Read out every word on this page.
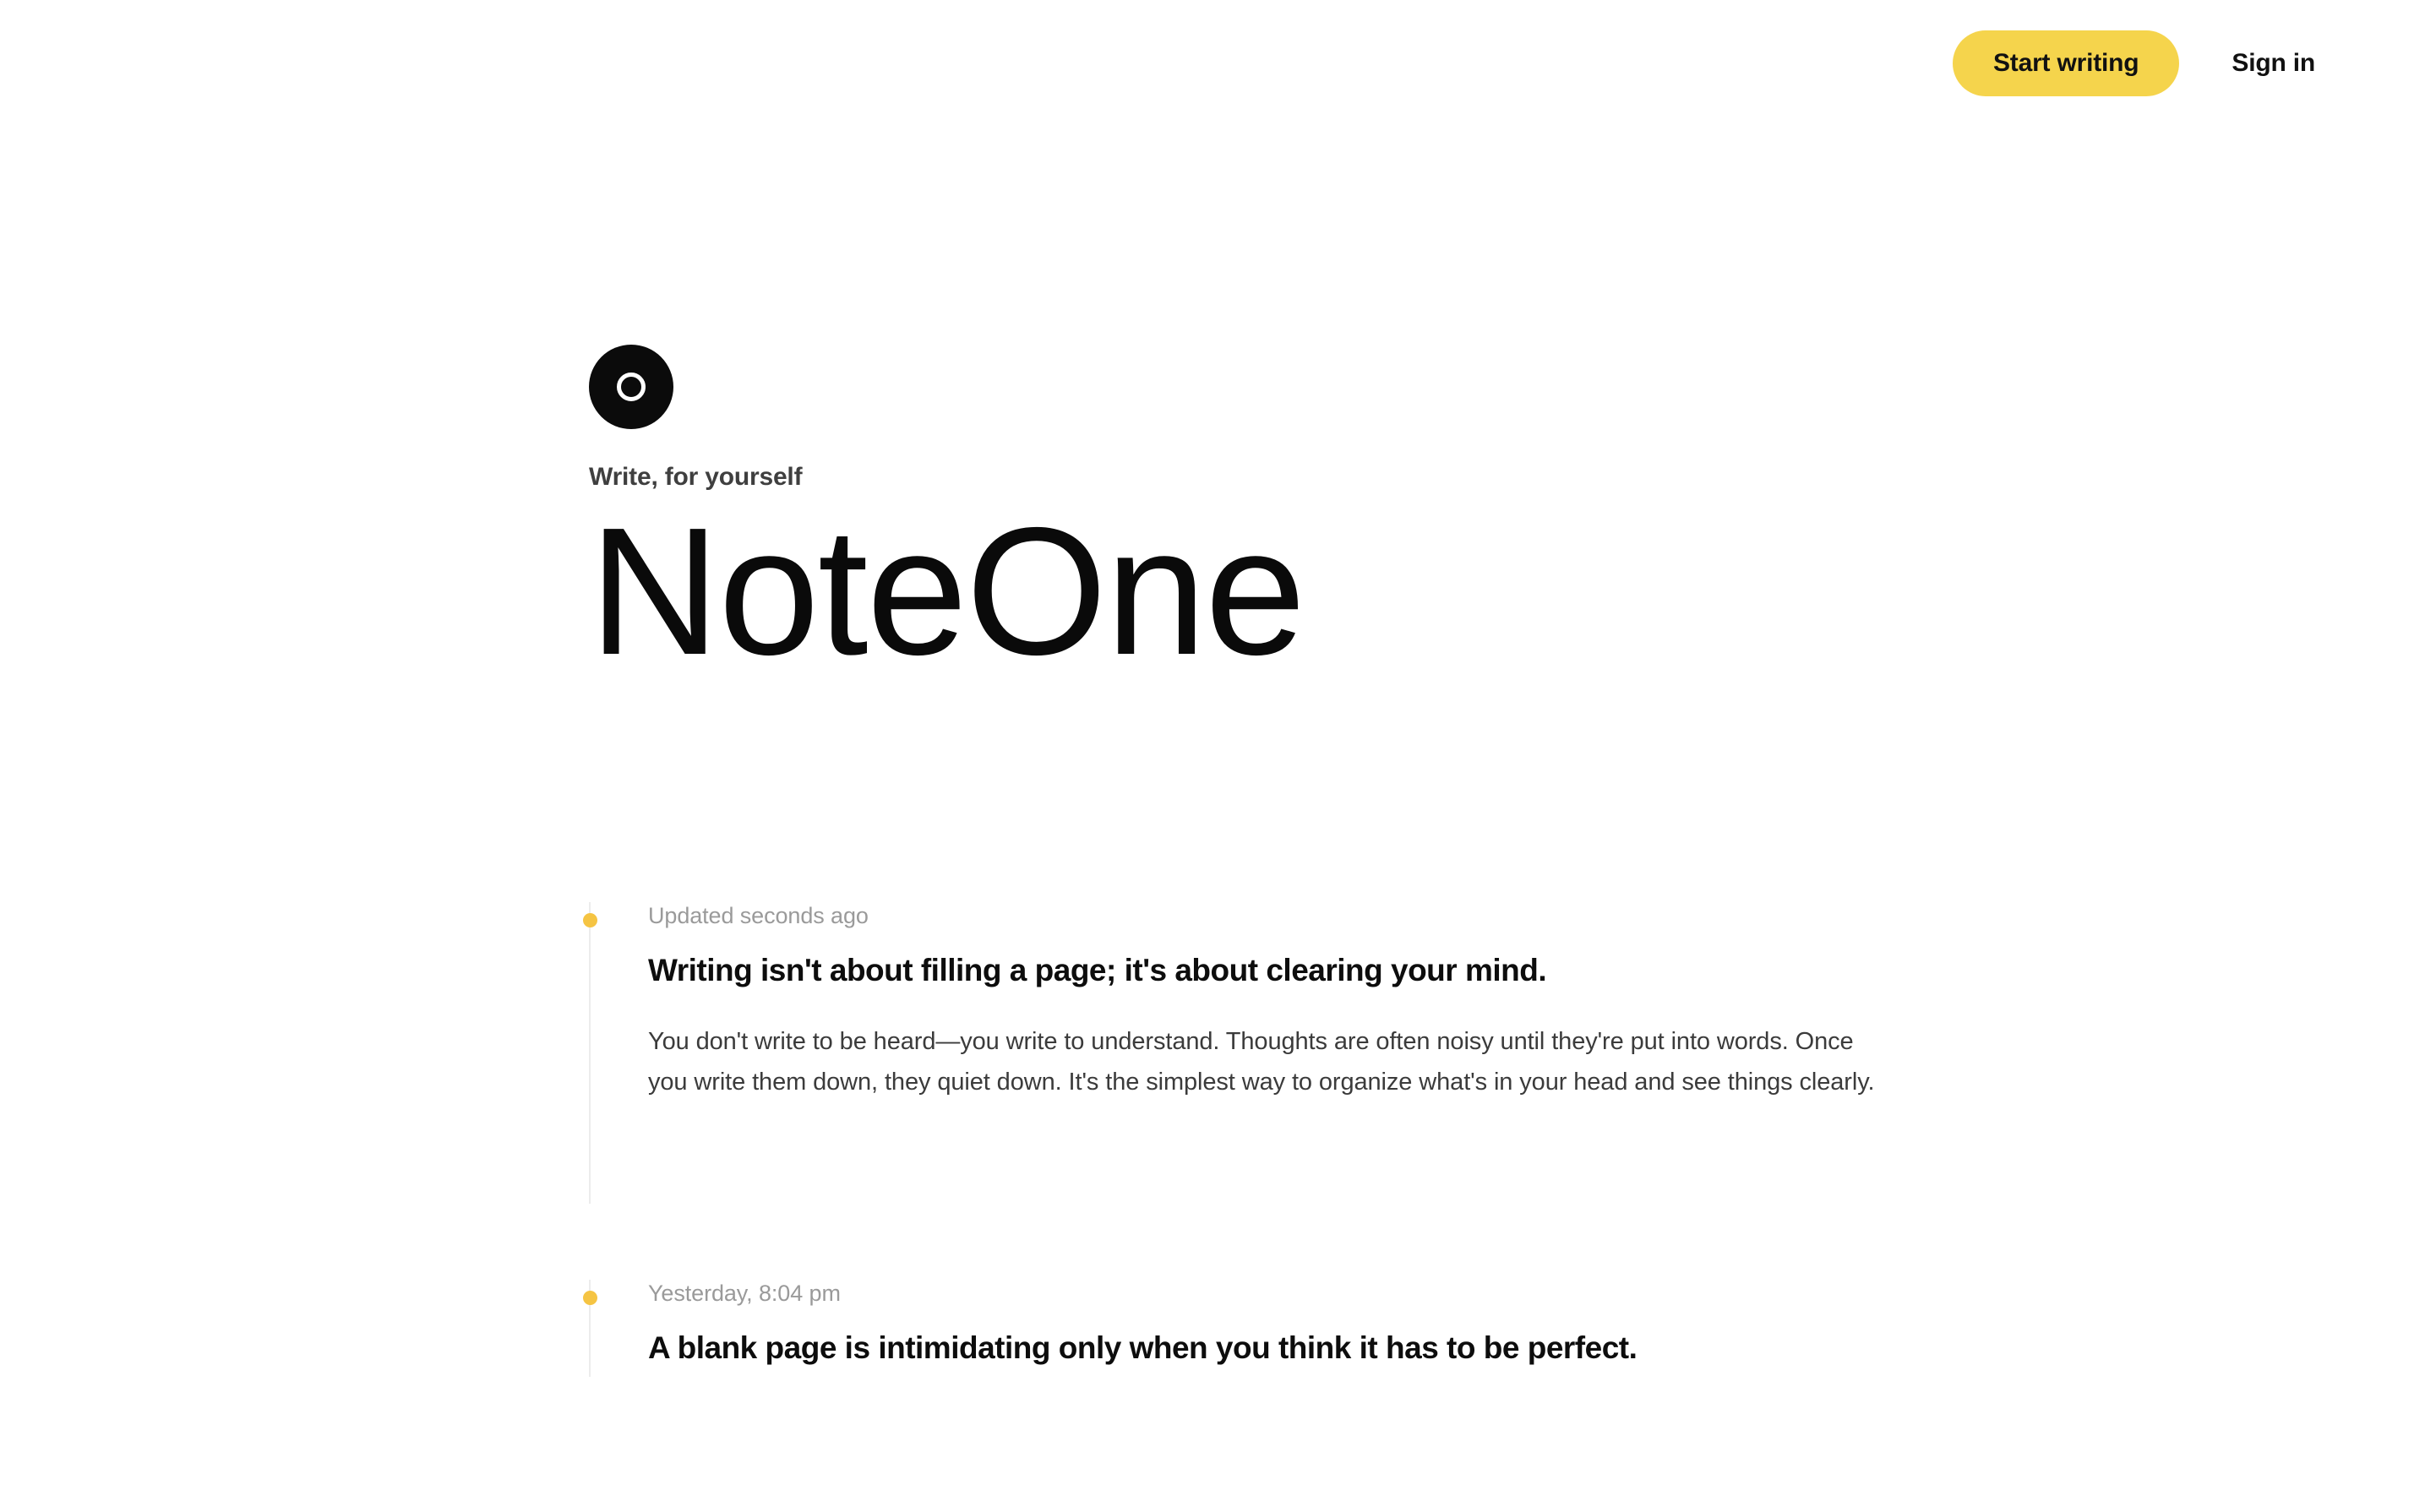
Start writing	Sign in
Write, for yourself
NoteOne
Updated seconds ago
Writing isn't about filling a page; it's about clearing your mind.
You don't write to be heard—you write to understand. Thoughts are often noisy until they're put into words. Once you write them down, they quiet down. It's the simplest way to organize what's in your head and see things clearly.
Yesterday, 8:04 pm
A blank page is intimidating only when you think it has to be perfect.
